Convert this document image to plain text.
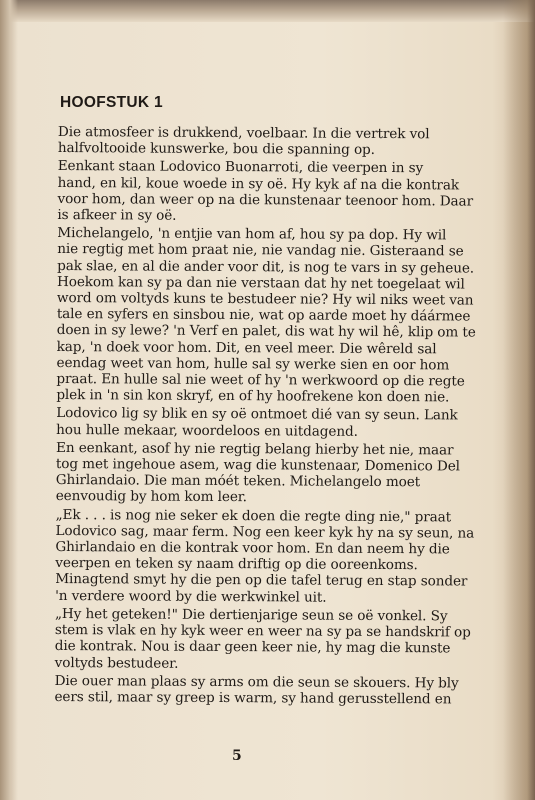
HOOFSTUK 1

Die atmosfeer is drukkend, voelbaar. In die vertrek vol
halfvoltooide kunswerke, bou die spanning op.

Eenkant staan Lodovico Buonarroti, die veerpen in sy
hand, en kil, koue woede in sy oë. Hy kyk af na die kontrak
voor hom, dan weer op na die kunstenaar teenoor hom. Daar
is afkeer in sy oë.

Michelangelo, 'n entjie van hom af, hou sy pa dop. Hy wil
nie regtig met hom praat nie, nie vandag nie. Gisteraand se
pak slae, en al die ander voor dit, is nog te vars in sy geheue.
Hoekom kan sy pa dan nie verstaan dat hy net toegelaat wil
word om voltyds kuns te bestudeer nie? Hy wil niks weet van
tale en syfers en sinsbou nie, wat op aarde moet hy dáármee
doen in sy lewe? 'n Verf en palet, dis wat hy wil hê, klip om te
kap, 'n doek voor hom. Dit, en veel meer. Die wêreld sal
eendag weet van hom, hulle sal sy werke sien en oor hom
praat. En hulle sal nie weet of hy 'n werkwoord op die regte
plek in 'n sin kon skryf, en of hy hoofrekene kon doen nie.

Lodovico lig sy blik en sy oë ontmoet dié van sy seun. Lank
hou hulle mekaar, woordeloos en uitdagend.

En eenkant, asof hy nie regtig belang hierby het nie, maar
tog met ingehoue asem, wag die kunstenaar, Domenico Del
Ghirlandaio. Die man móét teken. Michelangelo moet
eenvoudig by hom kom leer.

„Ek . . . is nog nie seker ek doen die regte ding nie," praat
Lodovico sag, maar ferm. Nog een keer kyk hy na sy seun, na
Ghirlandaio en die kontrak voor hom. En dan neem hy die
veerpen en teken sy naam driftig op die ooreenkoms.
Minagtend smyt hy die pen op die tafel terug en stap sonder
'n verdere woord by die werkwinkel uit.

„Hy het geteken!" Die dertienjarige seun se oë vonkel. Sy
stem is vlak en hy kyk weer en weer na sy pa se handskrif op
die kontrak. Nou is daar geen keer nie, hy mag die kunste
voltyds bestudeer.

Die ouer man plaas sy arms om die seun se skouers. Hy bly
eers stil, maar sy greep is warm, sy hand gerusstellend en

5
